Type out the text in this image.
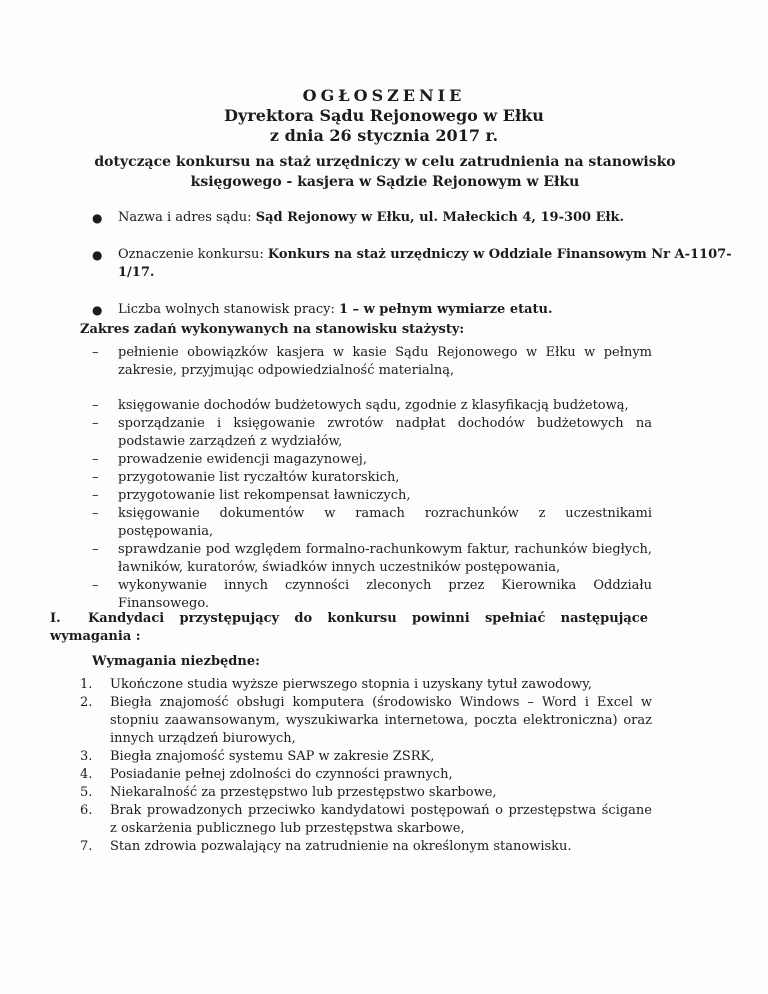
OGŁOSZENIE
Dyrektora Sądu Rejonowego w Ełku
z dnia 26 stycznia 2017 r.
dotyczące konkursu na staż urzędniczy w celu zatrudnienia na stanowisko
księgowego - kasjera w Sądzie Rejonowym w Ełku
● Nazwa i adres sądu: Sąd Rejonowy w Ełku, ul. Małeckich 4, 19-300 Ełk.
● Oznaczenie konkursu: Konkurs na staż urzędniczy w Oddziale Finansowym Nr A-1107-1/17.
● Liczba wolnych stanowisk pracy: 1 – w pełnym wymiarze etatu.
Zakres zadań wykonywanych na stanowisku stażysty:
– pełnienie obowiązków kasjera w kasie Sądu Rejonowego w Ełku w pełnym zakresie, przyjmując odpowiedzialność materialną,
– księgowanie dochodów budżetowych sądu, zgodnie z klasyfikacją budżetową,
– sporządzanie i księgowanie zwrotów nadpłat dochodów budżetowych na podstawie zarządzeń z wydziałów,
– prowadzenie ewidencji magazynowej,
– przygotowanie list ryczałtów kuratorskich,
– przygotowanie list rekompensat ławniczych,
– księgowanie dokumentów w ramach rozrachunków z uczestnikami postępowania,
– sprawdzanie pod względem formalno-rachunkowym faktur, rachunków biegłych, ławników, kuratorów, świadków innych uczestników postępowania,
– wykonywanie innych czynności zleconych przez Kierownika Oddziału Finansowego.
I. Kandydaci przystępujący do konkursu powinni spełniać następujące
wymagania :
Wymagania niezbędne:
1. Ukończone studia wyższe pierwszego stopnia i uzyskany tytuł zawodowy,
2. Biegła znajomość obsługi komputera (środowisko Windows – Word i Excel w stopniu zaawansowanym, wyszukiwarka internetowa, poczta elektroniczna) oraz innych urządzeń biurowych,
3. Biegła znajomość systemu SAP w zakresie ZSRK,
4. Posiadanie pełnej zdolności do czynności prawnych,
5. Niekaralność za przestępstwo lub przestępstwo skarbowe,
6. Brak prowadzonych przeciwko kandydatowi postępowań o przestępstwa ścigane z oskarżenia publicznego lub przestępstwa skarbowe,
7. Stan zdrowia pozwalający na zatrudnienie na określonym stanowisku.
